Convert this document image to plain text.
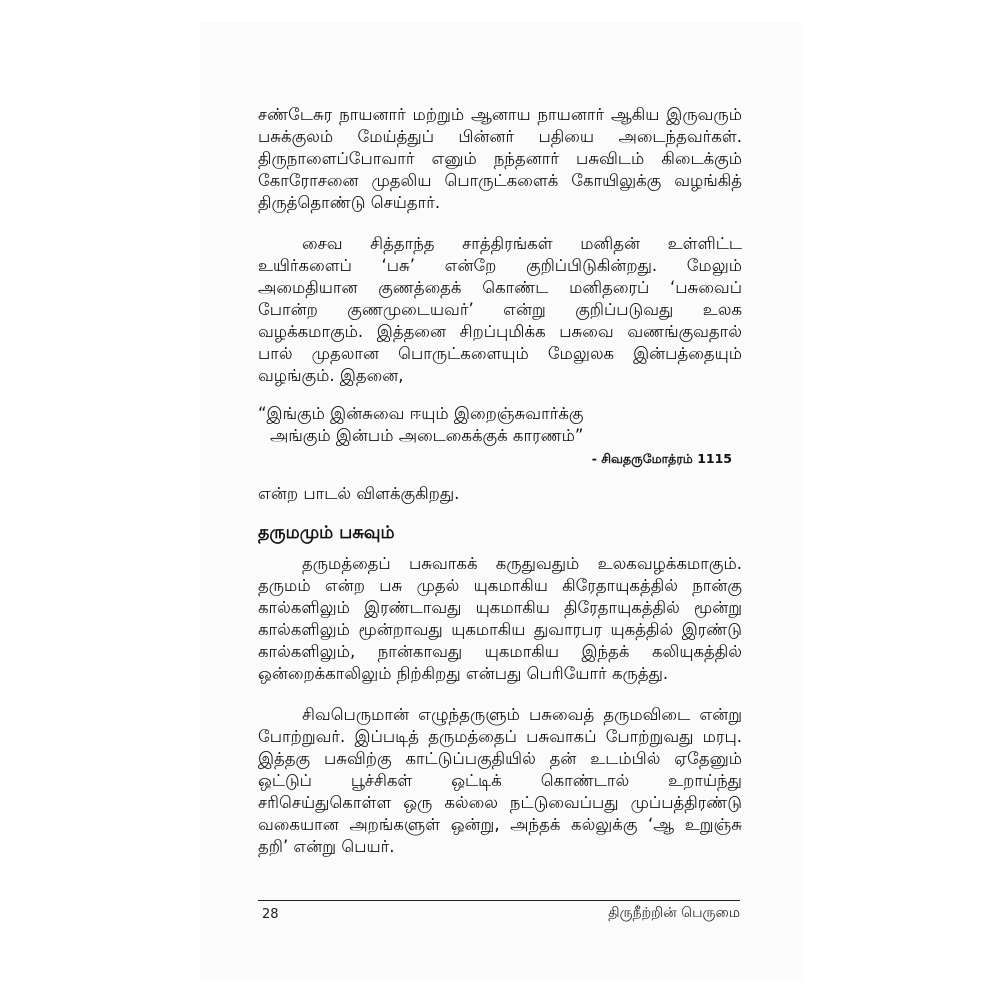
சண்டேசுர நாயனார் மற்றும் ஆனாய நாயனார் ஆகிய இருவரும் பசுக்குலம் மேய்த்துப் பின்னர் பதியை அடைந்தவர்கள். திருநாளைப்போவார் எனும் நந்தனார் பசுவிடம் கிடைக்கும் கோரோசனை முதலிய பொருட்களைக் கோயிலுக்கு வழங்கித் திருத்தொண்டு செய்தார்.

சைவ சித்தாந்த சாத்திரங்கள் மனிதன் உள்ளிட்ட உயிர்களைப் ‘பசு’ என்றே குறிப்பிடுகின்றது. மேலும் அமைதியான குணத்தைக் கொண்ட மனிதரைப் ‘பசுவைப் போன்ற குணமுடையவர்’ என்று குறிப்படுவது உலக வழக்கமாகும். இத்தனை சிறப்புமிக்க பசுவை வணங்குவதால் பால் முதலான பொருட்களையும் மேலுலக இன்பத்தையும் வழங்கும். இதனை,

“இங்கும் இன்சுவை ஈயும் இறைஞ்சுவார்க்கு
அங்கும் இன்பம் அடைகைக்குக் காரணம்”
- சிவதருமோத்ரம் 1115

என்ற பாடல் விளக்குகிறது.

தருமமும் பசுவும்

தருமத்தைப் பசுவாகக் கருதுவதும் உலகவழக்கமாகும். தருமம் என்ற பசு முதல் யுகமாகிய கிரேதாயுகத்தில் நான்கு கால்களிலும் இரண்டாவது யுகமாகிய திரேதாயுகத்தில் மூன்று கால்களிலும் மூன்றாவது யுகமாகிய துவாரபர யுகத்தில் இரண்டு கால்களிலும், நான்காவது யுகமாகிய இந்தக் கலியுகத்தில் ஒன்றைக்காலிலும் நிற்கிறது என்பது பெரியோர் கருத்து.

சிவபெருமான் எழுந்தருளும் பசுவைத் தருமவிடை என்று போற்றுவர். இப்படித் தருமத்தைப் பசுவாகப் போற்றுவது மரபு. இத்தகு பசுவிற்கு காட்டுப்பகுதியில் தன் உடம்பில் ஏதேனும் ஒட்டுப் பூச்சிகள் ஒட்டிக் கொண்டால் உறாய்ந்து சரிசெய்துகொள்ள ஒரு கல்லை நட்டுவைப்பது முப்பத்திரண்டு வகையான அறங்களுள் ஒன்று, அந்தக் கல்லுக்கு ‘ஆ உறுஞ்சு தறி’ என்று பெயர்.

28	திருநீற்றின் பெருமை
